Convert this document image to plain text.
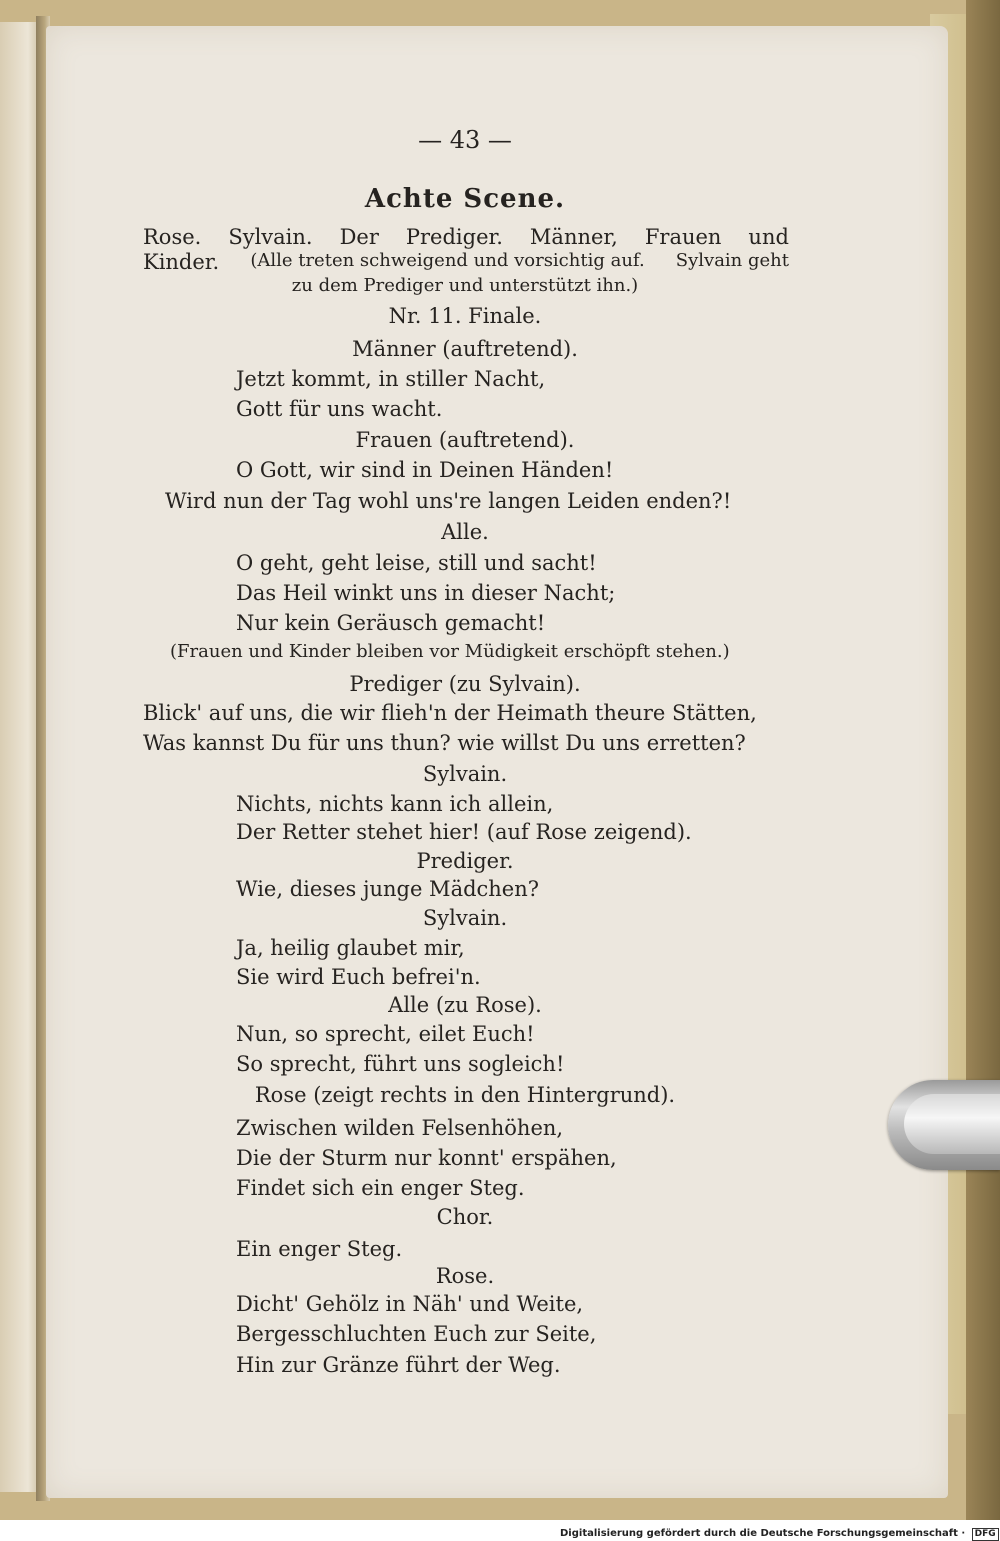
— 43 —
Achte Scene.
Rose. Sylvain. Der Prediger. Männer, Frauen und
Kinder. (Alle treten schweigend und vorsichtig auf. Sylvain geht
zu dem Prediger und unterstützt ihn.)
Nr. 11. Finale.
Männer (auftretend).
Jetzt kommt, in stiller Nacht,
Gott für uns wacht.
Frauen (auftretend).
O Gott, wir sind in Deinen Händen!
Wird nun der Tag wohl uns're langen Leiden enden?!
Alle.
O geht, geht leise, still und sacht!
Das Heil winkt uns in dieser Nacht;
Nur kein Geräusch gemacht!
(Frauen und Kinder bleiben vor Müdigkeit erschöpft stehen.)
Prediger (zu Sylvain).
Blick' auf uns, die wir flieh'n der Heimath theure Stätten,
Was kannst Du für uns thun? wie willst Du uns erretten?
Sylvain.
Nichts, nichts kann ich allein,
Der Retter stehet hier! (auf Rose zeigend).
Prediger.
Wie, dieses junge Mädchen?
Sylvain.
Ja, heilig glaubet mir,
Sie wird Euch befrei'n.
Alle (zu Rose).
Nun, so sprecht, eilet Euch!
So sprecht, führt uns sogleich!
Rose (zeigt rechts in den Hintergrund).
Zwischen wilden Felsenhöhen,
Die der Sturm nur konnt' erspähen,
Findet sich ein enger Steg.
Chor.
Ein enger Steg.
Rose.
Dicht' Gehölz in Näh' und Weite,
Bergesschluchten Euch zur Seite,
Hin zur Gränze führt der Weg.
Digitalisierung gefördert durch die Deutsche Forschungsgemeinschaft · DFG
